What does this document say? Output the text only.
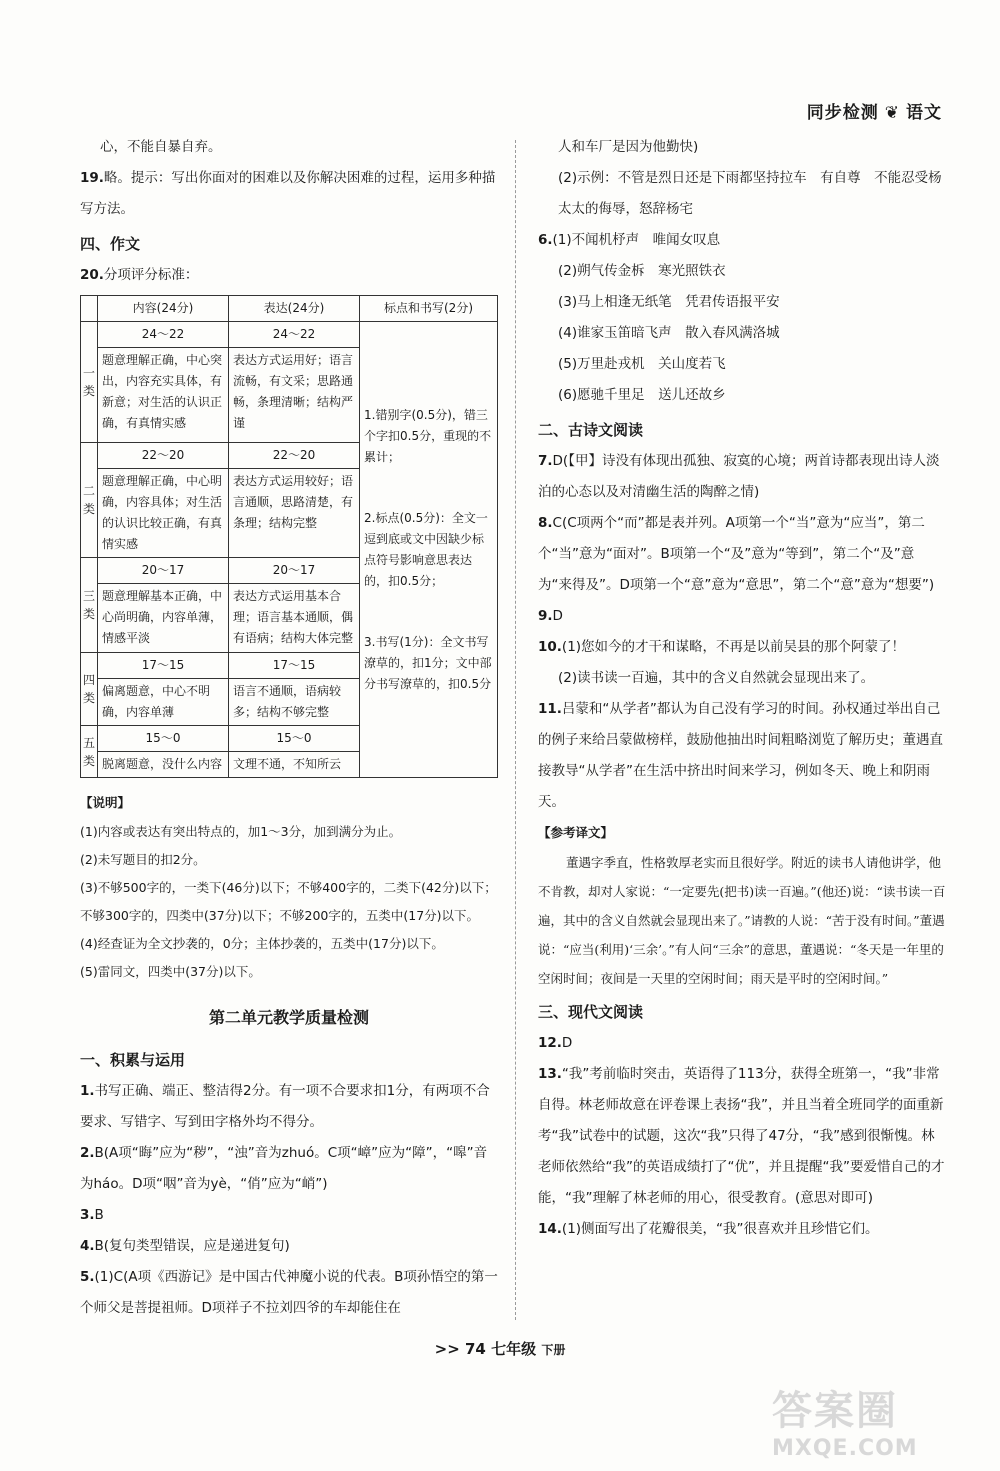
同步检测 ❦ 语文

心，不能自暴自弃。

19.略。提示：写出你面对的困难以及你解决困难的过程，运用多种描写方法。

四、作文

20.分项评分标准：

	内容(24分)	表达(24分)	标点和书写(2分)
一类	24～22	24～22	1.错别字(0.5分)，错三个字扣0.5分，重现的不累计；

2.标点(0.5分)：全文一逗到底或文中因缺少标点符号影响意思表达的，扣0.5分；

3.书写(1分)：全文书写潦草的，扣1分；文中部分书写潦草的，扣0.5分

	题意理解正确，中心突出，内容充实具体，有新意；对生活的认识正确，有真情实感	表达方式运用好；语言流畅，有文采；思路通畅，条理清晰；结构严谨	
二类	22～20	22～20	
	题意理解正确，中心明确，内容具体；对生活的认识比较正确，有真情实感	表达方式运用较好；语言通顺，思路清楚，有条理；结构完整	
三类	20～17	20～17	
	题意理解基本正确，中心尚明确，内容单薄，情感平淡	表达方式运用基本合理；语言基本通顺，偶有语病；结构大体完整	
四类	17～15	17～15	
	偏离题意，中心不明确，内容单薄	语言不通顺，语病较多；结构不够完整	
五类	15～0	15～0	
	脱离题意，没什么内容	文理不通，不知所云	

【说明】

(1)内容或表达有突出特点的，加1～3分，加到满分为止。

(2)未写题目的扣2分。

(3)不够500字的，一类下(46分)以下；不够400字的，二类下(42分)以下；不够300字的，四类中(37分)以下；不够200字的，五类中(17分)以下。

(4)经查证为全文抄袭的，0分；主体抄袭的，五类中(17分)以下。

(5)雷同文，四类中(37分)以下。

第二单元教学质量检测

一、积累与运用

1.书写正确、端正、整洁得2分。有一项不合要求扣1分，有两项不合要求、写错字、写到田字格外均不得分。

2.B(A项“晦”应为“秽”，“浊”音为zhuó。C项“嶂”应为“障”，“嗥”音为háo。D项“咽”音为yè，“俏”应为“峭”)

3.B

4.B(复句类型错误，应是递进复句)

5.(1)C(A项《西游记》是中国古代神魔小说的代表。B项孙悟空的第一个师父是菩提祖师。D项祥子不拉刘四爷的车却能住在

人和车厂是因为他勤快)

(2)示例：不管是烈日还是下雨都坚持拉车　有自尊　不能忍受杨太太的侮辱，怒辞杨宅

6.(1)不闻机杼声　唯闻女叹息

(2)朔气传金柝　寒光照铁衣

(3)马上相逢无纸笔　凭君传语报平安

(4)谁家玉笛暗飞声　散入春风满洛城

(5)万里赴戎机　关山度若飞

(6)愿驰千里足　送儿还故乡

二、古诗文阅读

7.D(【甲】诗没有体现出孤独、寂寞的心境；两首诗都表现出诗人淡泊的心态以及对清幽生活的陶醉之情)

8.C(C项两个“而”都是表并列。A项第一个“当”意为“应当”，第二个“当”意为“面对”。B项第一个“及”意为“等到”，第二个“及”意为“来得及”。D项第一个“意”意为“意思”，第二个“意”意为“想要”)

9.D

10.(1)您如今的才干和谋略，不再是以前吴县的那个阿蒙了！

(2)读书读一百遍，其中的含义自然就会显现出来了。

11.吕蒙和“从学者”都认为自己没有学习的时间。孙权通过举出自己的例子来给吕蒙做榜样，鼓励他抽出时间粗略浏览了解历史；董遇直接教导“从学者”在生活中挤出时间来学习，例如冬天、晚上和阴雨天。

【参考译文】

董遇字季直，性格敦厚老实而且很好学。附近的读书人请他讲学，他不肯教，却对人家说：“一定要先(把书)读一百遍。”(他还)说：“读书读一百遍，其中的含义自然就会显现出来了。”请教的人说：“苦于没有时间。”董遇说：“应当(利用)‘三余’。”有人问“三余”的意思，董遇说：“冬天是一年里的空闲时间；夜间是一天里的空闲时间；雨天是平时的空闲时间。”

三、现代文阅读

12.D

13.“我”考前临时突击，英语得了113分，获得全班第一，“我”非常自得。林老师故意在评卷课上表扬“我”，并且当着全班同学的面重新考“我”试卷中的试题，这次“我”只得了47分，“我”感到很惭愧。林老师依然给“我”的英语成绩打了“优”，并且提醒“我”要爱惜自己的才能，“我”理解了林老师的用心，很受教育。(意思对即可)

14.(1)侧面写出了花瓣很美，“我”很喜欢并且珍惜它们。

>> 74 七年级 下册
答案圈
MXQE.COM
